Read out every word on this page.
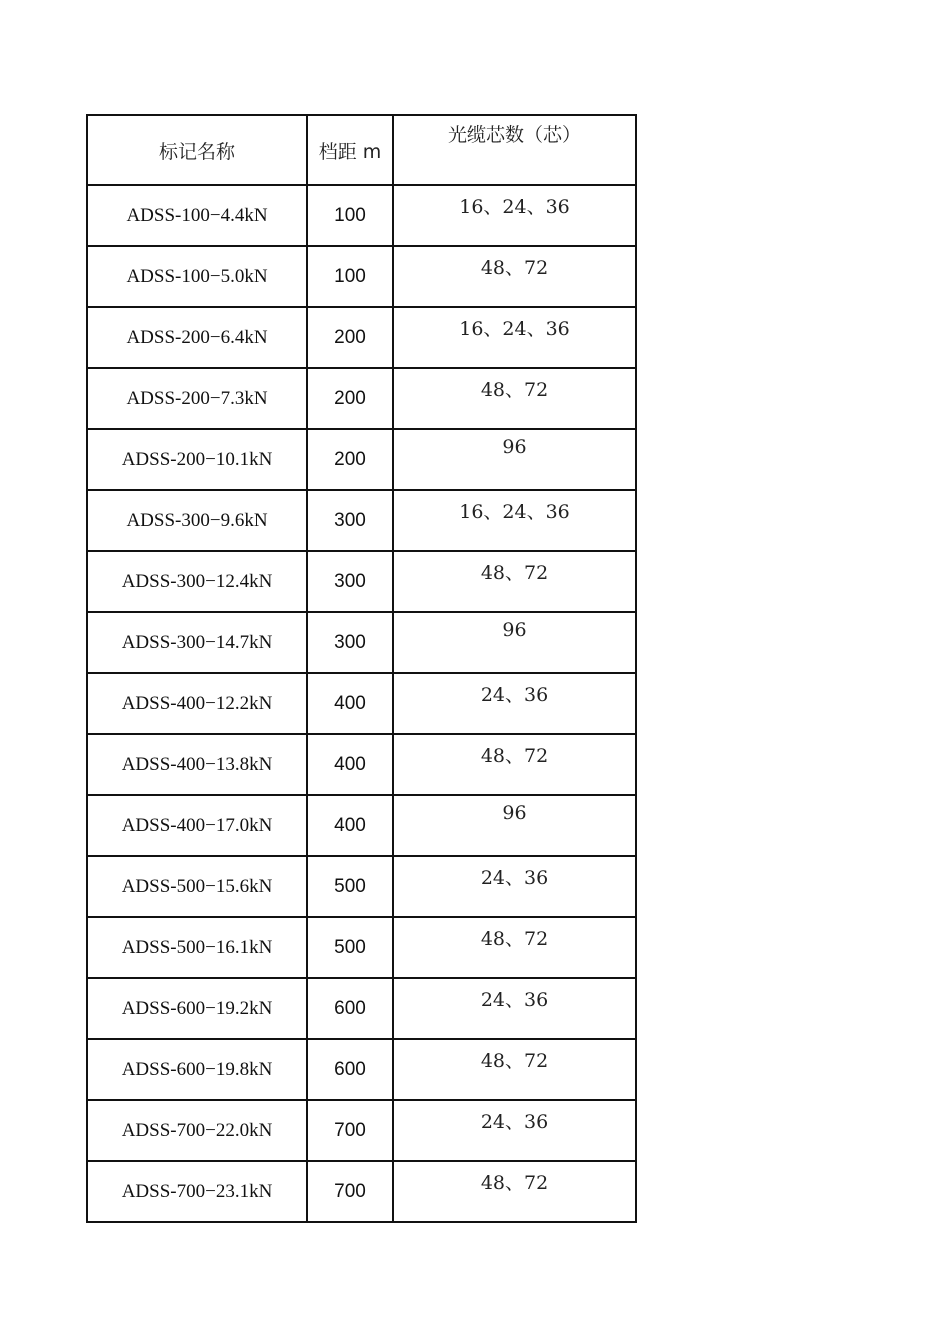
标记名称	档距 m	光缆芯数（芯）
ADSS-100−4.4kN	100	16、24、36
ADSS-100−5.0kN	100	48、72
ADSS-200−6.4kN	200	16、24、36
ADSS-200−7.3kN	200	48、72
ADSS-200−10.1kN	200	96
ADSS-300−9.6kN	300	16、24、36
ADSS-300−12.4kN	300	48、72
ADSS-300−14.7kN	300	96
ADSS-400−12.2kN	400	24、36
ADSS-400−13.8kN	400	48、72
ADSS-400−17.0kN	400	96
ADSS-500−15.6kN	500	24、36
ADSS-500−16.1kN	500	48、72
ADSS-600−19.2kN	600	24、36
ADSS-600−19.8kN	600	48、72
ADSS-700−22.0kN	700	24、36
ADSS-700−23.1kN	700	48、72
